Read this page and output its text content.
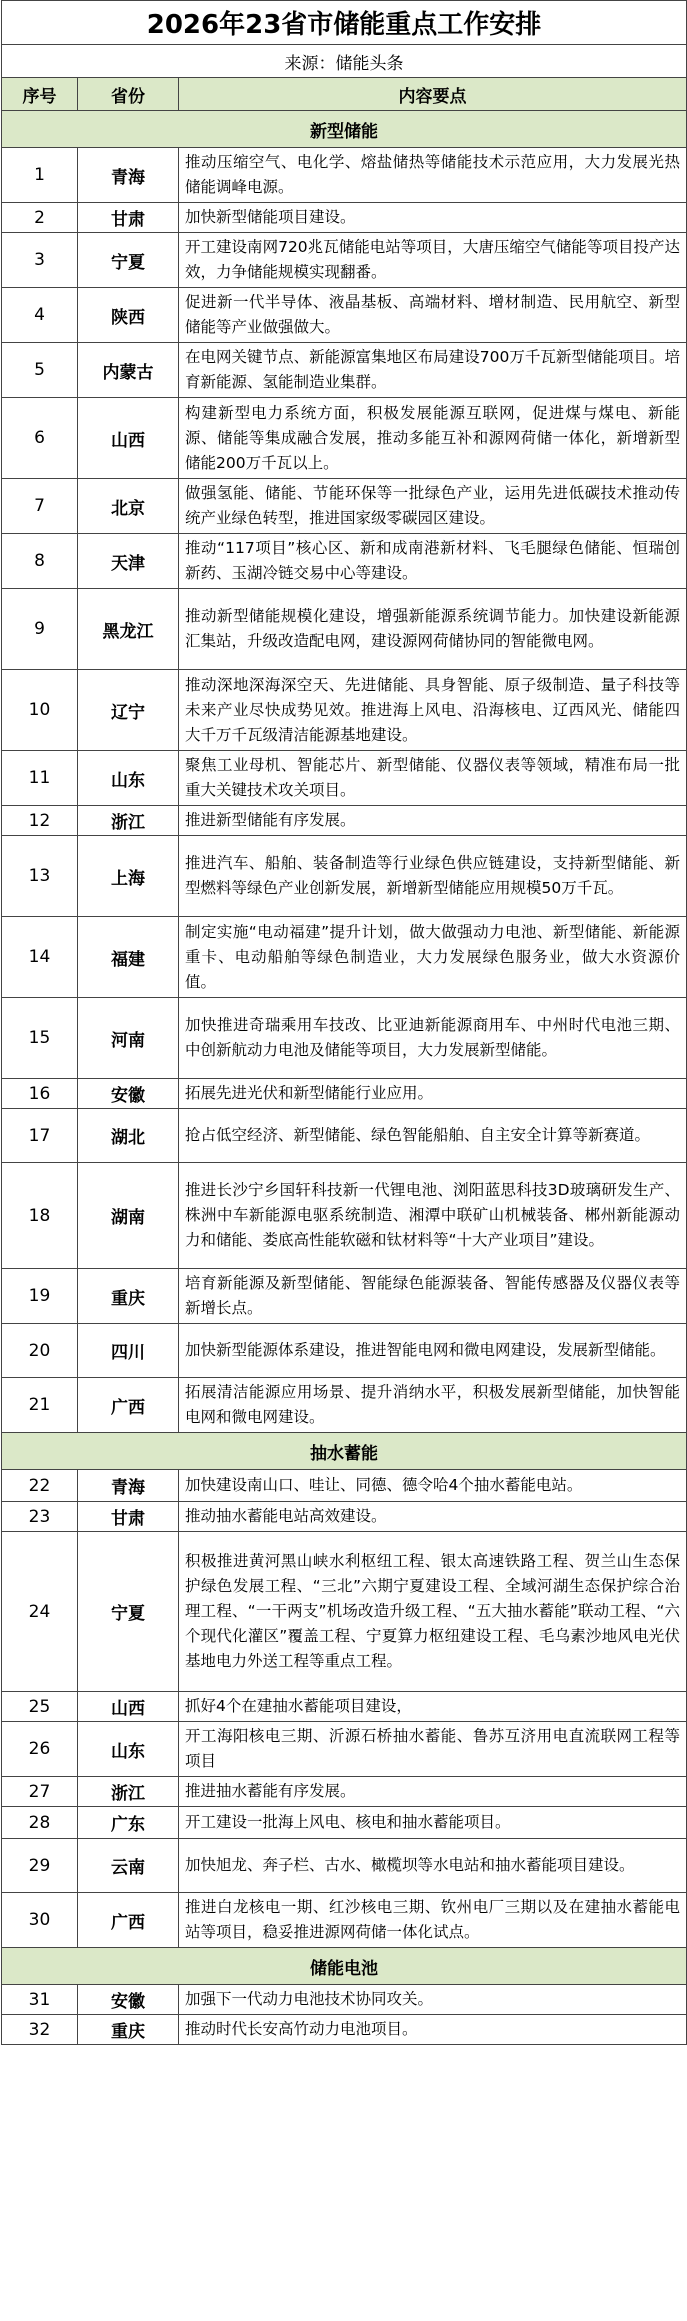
2026年23省市储能重点工作安排		
来源：储能头条		
序号	省份	内容要点
新型储能		
1	青海	推动压缩空气、电化学、熔盐储热等储能技术示范应用，大力发展光热储能调峰电源。
2	甘肃	加快新型储能项目建设。
3	宁夏	开工建设南网720兆瓦储能电站等项目，大唐压缩空气储能等项目投产达效，力争储能规模实现翻番。
4	陕西	促进新一代半导体、液晶基板、高端材料、增材制造、民用航空、新型储能等产业做强做大。
5	内蒙古	在电网关键节点、新能源富集地区布局建设700万千瓦新型储能项目。培育新能源、氢能制造业集群。
6	山西	构建新型电力系统方面，积极发展能源互联网，促进煤与煤电、新能源、储能等集成融合发展，推动多能互补和源网荷储一体化，新增新型储能200万千瓦以上。
7	北京	做强氢能、储能、节能环保等一批绿色产业，运用先进低碳技术推动传统产业绿色转型，推进国家级零碳园区建设。
8	天津	推动“117项目”核心区、新和成南港新材料、飞毛腿绿色储能、恒瑞创新药、玉湖冷链交易中心等建设。
9	黑龙江	推动新型储能规模化建设，增强新能源系统调节能力。加快建设新能源汇集站，升级改造配电网，建设源网荷储协同的智能微电网。
10	辽宁	推动深地深海深空天、先进储能、具身智能、原子级制造、量子科技等未来产业尽快成势见效。推进海上风电、沿海核电、辽西风光、储能四大千万千瓦级清洁能源基地建设。
11	山东	聚焦工业母机、智能芯片、新型储能、仪器仪表等领域，精准布局一批重大关键技术攻关项目。
12	浙江	推进新型储能有序发展。
13	上海	推进汽车、船舶、装备制造等行业绿色供应链建设，支持新型储能、新型燃料等绿色产业创新发展，新增新型储能应用规模50万千瓦。
14	福建	制定实施“电动福建”提升计划，做大做强动力电池、新型储能、新能源重卡、电动船舶等绿色制造业，大力发展绿色服务业，做大水资源价值。
15	河南	加快推进奇瑞乘用车技改、比亚迪新能源商用车、中州时代电池三期、中创新航动力电池及储能等项目，大力发展新型储能。
16	安徽	拓展先进光伏和新型储能行业应用。
17	湖北	抢占低空经济、新型储能、绿色智能船舶、自主安全计算等新赛道。
18	湖南	推进长沙宁乡国轩科技新一代锂电池、浏阳蓝思科技3D玻璃研发生产、株洲中车新能源电驱系统制造、湘潭中联矿山机械装备、郴州新能源动力和储能、娄底高性能软磁和钛材料等“十大产业项目”建设。
19	重庆	培育新能源及新型储能、智能绿色能源装备、智能传感器及仪器仪表等新增长点。
20	四川	加快新型能源体系建设，推进智能电网和微电网建设，发展新型储能。
21	广西	拓展清洁能源应用场景、提升消纳水平，积极发展新型储能，加快智能电网和微电网建设。
抽水蓄能		
22	青海	加快建设南山口、哇让、同德、德令哈4个抽水蓄能电站。
23	甘肃	推动抽水蓄能电站高效建设。
24	宁夏	积极推进黄河黑山峡水利枢纽工程、银太高速铁路工程、贺兰山生态保护绿色发展工程、“三北”六期宁夏建设工程、全域河湖生态保护综合治理工程、“一干两支”机场改造升级工程、“五大抽水蓄能”联动工程、“六个现代化灌区”覆盖工程、宁夏算力枢纽建设工程、毛乌素沙地风电光伏基地电力外送工程等重点工程。
25	山西	抓好4个在建抽水蓄能项目建设，
26	山东	开工海阳核电三期、沂源石桥抽水蓄能、鲁苏互济用电直流联网工程等项目
27	浙江	推进抽水蓄能有序发展。
28	广东	开工建设一批海上风电、核电和抽水蓄能项目。
29	云南	加快旭龙、奔子栏、古水、橄榄坝等水电站和抽水蓄能项目建设。
30	广西	推进白龙核电一期、红沙核电三期、钦州电厂三期以及在建抽水蓄能电站等项目，稳妥推进源网荷储一体化试点。
储能电池		
31	安徽	加强下一代动力电池技术协同攻关。
32	重庆	推动时代长安高竹动力电池项目。
